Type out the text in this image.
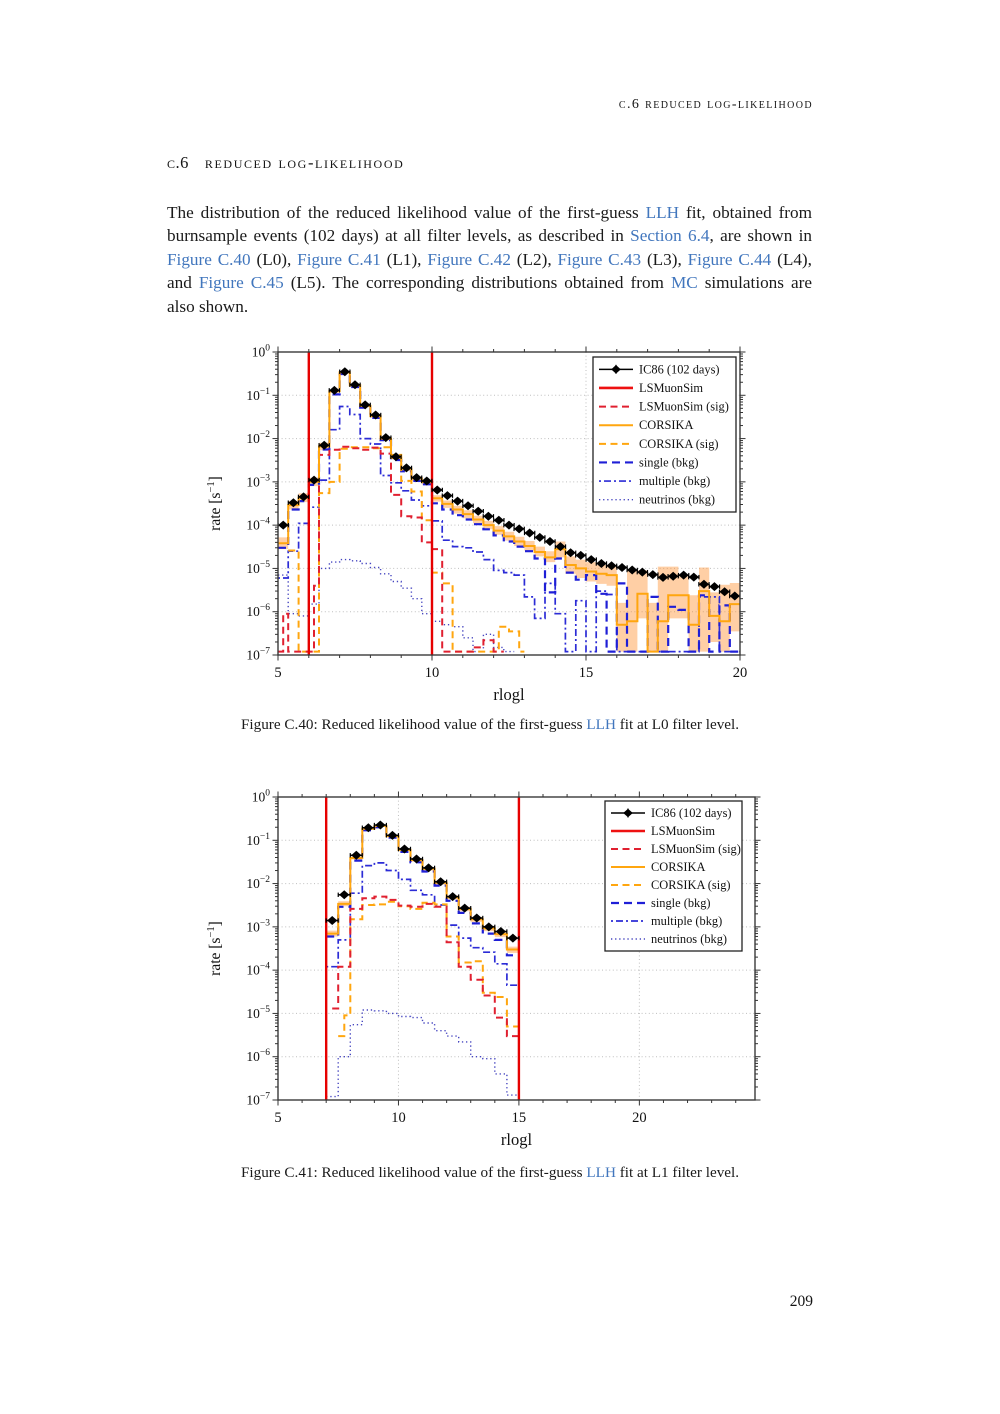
c.6 reduced log-likelihood
c.6 reduced log-likelihood

The distribution of the reduced likelihood value of the first-guess LLH fit, obtained from burnsample events (102 days) at all filter levels, as described in Section 6.4, are shown in Figure C.40 (L0), Figure C.41 (L1), Figure C.42 (L2), Figure C.43 (L3), Figure C.44 (L4), and Figure C.45 (L5). The corresponding distributions obtained from MC simulations are also shown.

5	10	15	20
$10^0$
$10^{-1}$
$10^{-2}$
$10^{-3}$
$10^{-4}$
$10^{-5}$
$10^{-6}$
$10^{-7}$
rlogl
rate $[s^{-1}]$
IC86 (102 days)
LSMuonSim
LSMuonSim (sig)
CORSIKA
CORSIKA (sig)
single (bkg)
multiple (bkg)
neutrinos (bkg)
Figure C.40: Reduced likelihood value of the first-guess LLH fit at L0 filter level.
5	10	15	20
$10^0$
$10^{-1}$
$10^{-2}$
$10^{-3}$
$10^{-4}$
$10^{-5}$
$10^{-6}$
$10^{-7}$
rlogl
rate $[s^{-1}]$
IC86 (102 days)
LSMuonSim
LSMuonSim (sig)
CORSIKA
CORSIKA (sig)
single (bkg)
multiple (bkg)
neutrinos (bkg)
Figure C.41: Reduced likelihood value of the first-guess LLH fit at L1 filter level.
209
